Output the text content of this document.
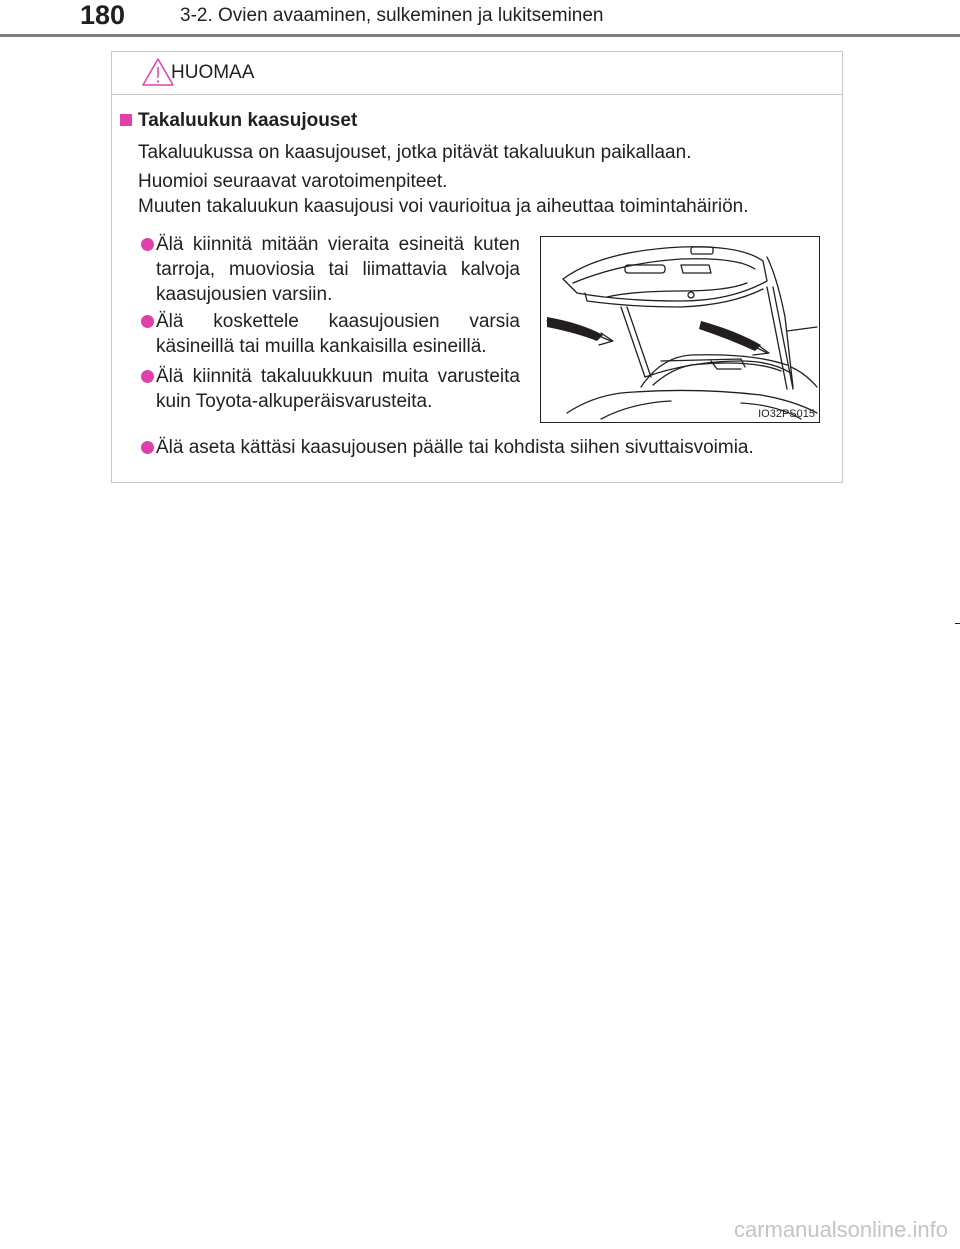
180	3-2. Ovien avaaminen, sulkeminen ja lukitseminen
HUOMAA
Takaluukun kaasujouset
Takaluukussa on kaasujouset, jotka pitävät takaluukun paikallaan.
Huomioi seuraavat varotoimenpiteet.
Muuten takaluukun kaasujousi voi vaurioitua ja aiheuttaa toimintahäiriön.
Älä kiinnitä mitään vieraita esineitä kuten tarroja, muoviosia tai liimattavia kalvoja kaasujousien varsiin.
Älä koskettele kaasujousien varsia käsineillä tai muilla kankaisilla esineillä.
Älä kiinnitä takaluukkuun muita varusteita kuin Toyota-alkuperäisvarusteita.
Älä aseta kättäsi kaasujousen päälle tai kohdista siihen sivuttaisvoimia.
IO32PS015
carmanualsonline.info
